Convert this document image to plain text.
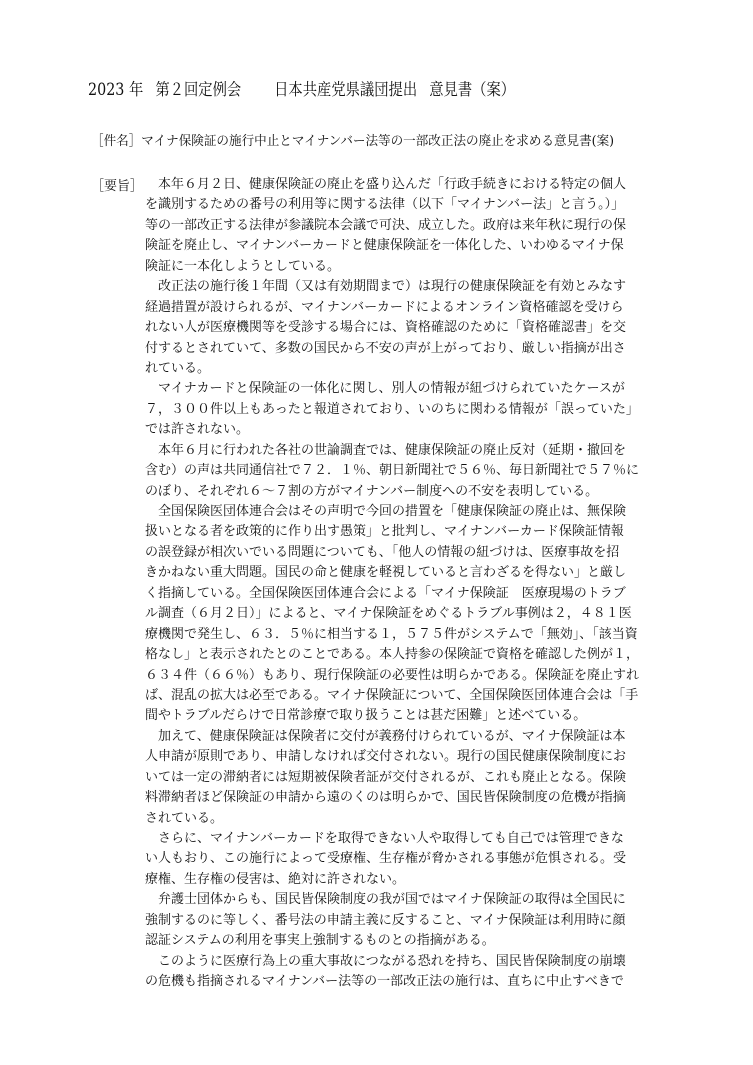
2023 年 第２回定例会 日本共産党県議団提出 意見書（案）
［件名］マイナ保険証の施行中止とマイナンバー法等の一部改正法の廃止を求める意見書(案)
［要旨］ 　本年６月２日、健康保険証の廃止を盛り込んだ「行政手続きにおける特定の個人
を識別するための番号の利用等に関する法律（以下「マイナンバー法」と言う。）」
等の一部改正する法律が参議院本会議で可決、成立した。政府は来年秋に現行の保
険証を廃止し、マイナンバーカードと健康保険証を一体化した、いわゆるマイナ保
険証に一本化しようとしている。
　改正法の施行後１年間（又は有効期間まで）は現行の健康保険証を有効とみなす
経過措置が設けられるが、マイナンバーカードによるオンライン資格確認を受けら
れない人が医療機関等を受診する場合には、資格確認のために「資格確認書」を交
付するとされていて、多数の国民から不安の声が上がっており、厳しい指摘が出さ
れている。
　マイナカードと保険証の一体化に関し、別人の情報が紐づけられていたケースが
７，３００件以上もあったと報道されており、いのちに関わる情報が「誤っていた」
では許されない。
　本年６月に行われた各社の世論調査では、健康保険証の廃止反対（延期・撤回を
含む）の声は共同通信社で７２．１％、朝日新聞社で５６％、毎日新聞社で５７％に
のぼり、それぞれ６～７割の方がマイナンバー制度への不安を表明している。
　全国保険医団体連合会はその声明で今回の措置を「健康保険証の廃止は、無保険
扱いとなる者を政策的に作り出す愚策」と批判し、マイナンバーカード保険証情報
の誤登録が相次いでいる問題についても、「他人の情報の紐づけは、医療事故を招
きかねない重大問題。国民の命と健康を軽視していると言わざるを得ない」と厳し
く指摘している。全国保険医団体連合会による「マイナ保険証　医療現場のトラブ
ル調査（６月２日）」によると、マイナ保険証をめぐるトラブル事例は２，４８１医
療機関で発生し、６３．５％に相当する１，５７５件がシステムで「無効」、「該当資
格なし」と表示されたとのことである。本人持参の保険証で資格を確認した例が１，
６３４件（６６％）もあり、現行保険証の必要性は明らかである。保険証を廃止すれ
ば、混乱の拡大は必至である。マイナ保険証について、全国保険医団体連合会は「手
間やトラブルだらけで日常診療で取り扱うことは甚だ困難」と述べている。
　加えて、健康保険証は保険者に交付が義務付けられているが、マイナ保険証は本
人申請が原則であり、申請しなければ交付されない。現行の国民健康保険制度にお
いては一定の滞納者には短期被保険者証が交付されるが、これも廃止となる。保険
料滞納者ほど保険証の申請から遠のくのは明らかで、国民皆保険制度の危機が指摘
されている。
　さらに、マイナンバーカードを取得できない人や取得しても自己では管理できな
い人もおり、この施行によって受療権、生存権が脅かされる事態が危惧される。受
療権、生存権の侵害は、絶対に許されない。
　弁護士団体からも、国民皆保険制度の我が国ではマイナ保険証の取得は全国民に
強制するのに等しく、番号法の申請主義に反すること、マイナ保険証は利用時に顔
認証システムの利用を事実上強制するものとの指摘がある。
　このように医療行為上の重大事故につながる恐れを持ち、国民皆保険制度の崩壊
の危機も指摘されるマイナンバー法等の一部改正法の施行は、直ちに中止すべきで
